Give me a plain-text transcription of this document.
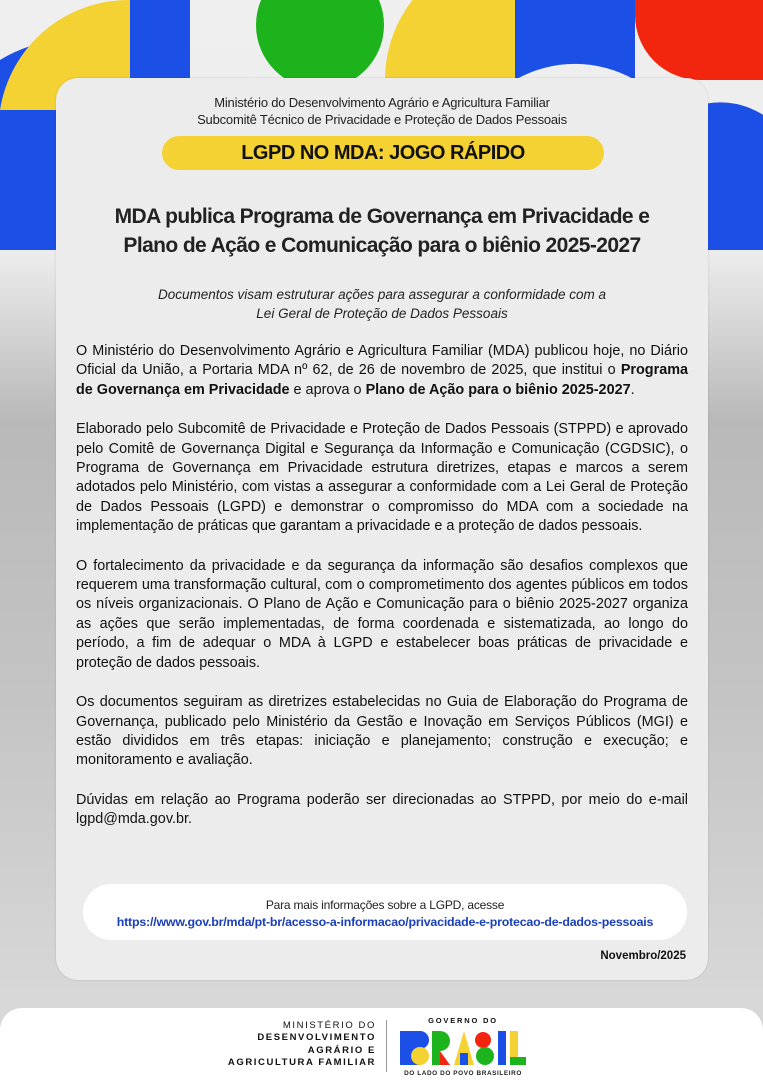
Ministério do Desenvolvimento Agrário e Agricultura Familiar
Subcomitê Técnico de Privacidade e Proteção de Dados Pessoais
LGPD NO MDA: JOGO RÁPIDO
MDA publica Programa de Governança em Privacidade e
Plano de Ação e Comunicação para o biênio 2025-2027
Documentos visam estruturar ações para assegurar a conformidade com a
Lei Geral de Proteção de Dados Pessoais

O Ministério do Desenvolvimento Agrário e Agricultura Familiar (MDA) publicou hoje, no Diário Oficial da União, a Portaria MDA nº 62, de 26 de novembro de 2025, que institui o Programa de Governança em Privacidade e aprova o Plano de Ação para o biênio 2025-2027.

Elaborado pelo Subcomitê de Privacidade e Proteção de Dados Pessoais (STPPD) e aprovado pelo Comitê de Governança Digital e Segurança da Informação e Comunicação (CGDSIC), o Programa de Governança em Privacidade estrutura diretrizes, etapas e marcos a serem adotados pelo Ministério, com vistas a assegurar a conformidade com a Lei Geral de Proteção de Dados Pessoais (LGPD) e demonstrar o compromisso do MDA com a sociedade na implementação de práticas que garantam a privacidade e a proteção de dados pessoais.

O fortalecimento da privacidade e da segurança da informação são desafios complexos que requerem uma transformação cultural, com o comprometimento dos agentes públicos em todos os níveis organizacionais. O Plano de Ação e Comunicação para o biênio 2025-2027 organiza as ações que serão implementadas, de forma coordenada e sistematizada, ao longo do período, a fim de adequar o MDA à LGPD e estabelecer boas práticas de privacidade e proteção de dados pessoais.

Os documentos seguiram as diretrizes estabelecidas no Guia de Elaboração do Programa de Governança, publicado pelo Ministério da Gestão e Inovação em Serviços Públicos (MGI) e estão divididos em três etapas: iniciação e planejamento; construção e execução; e monitoramento e avaliação.

Dúvidas em relação ao Programa poderão ser direcionadas ao STPPD, por meio do e-mail lgpd@mda.gov.br.

Para mais informações sobre a LGPD, acesse
https://www.gov.br/mda/pt-br/acesso-a-informacao/privacidade-e-protecao-de-dados-pessoais
Novembro/2025
MINISTÉRIO DO
DESENVOLVIMENTO
AGRÁRIO E
AGRICULTURA FAMILIAR
GOVERNO DO
DO LADO DO POVO BRASILEIRO
